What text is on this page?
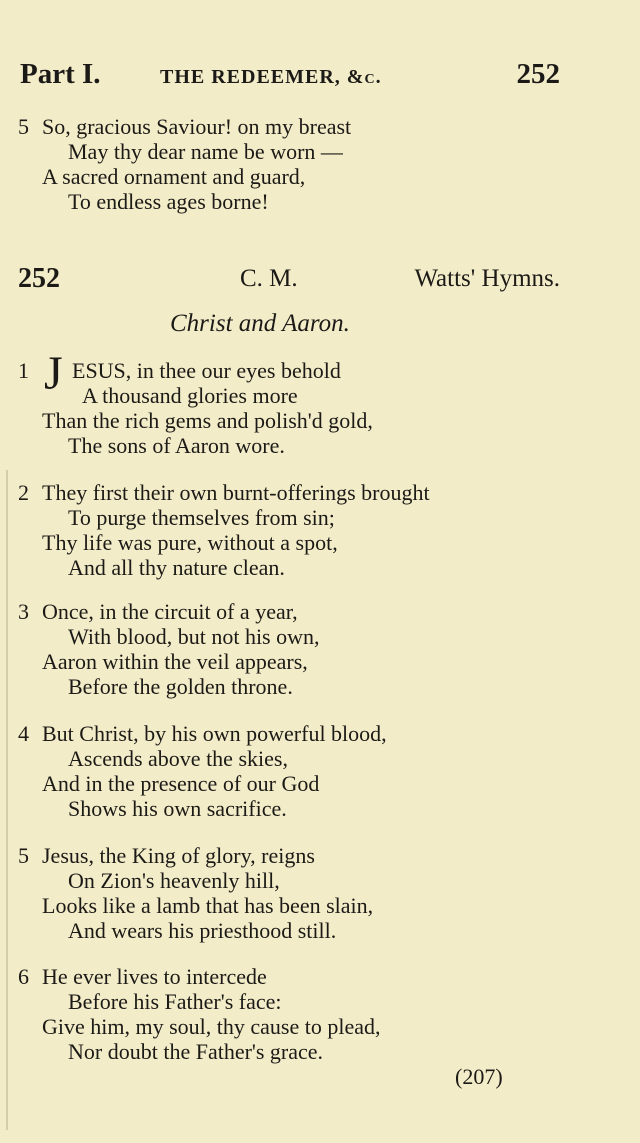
Part I.	THE REDEEMER, &c.	252
5 So, gracious Saviour! on my breast
May thy dear name be worn —
A sacred ornament and guard,
To endless ages borne!
252	C. M.	Watts' Hymns.
Christ and Aaron.
1 J ESUS, in thee our eyes behold
A thousand glories more
Than the rich gems and polish'd gold,
The sons of Aaron wore.
2 They first their own burnt-offerings brought
To purge themselves from sin;
Thy life was pure, without a spot,
And all thy nature clean.
3 Once, in the circuit of a year,
With blood, but not his own,
Aaron within the veil appears,
Before the golden throne.
4 But Christ, by his own powerful blood,
Ascends above the skies,
And in the presence of our God
Shows his own sacrifice.
5 Jesus, the King of glory, reigns
On Zion's heavenly hill,
Looks like a lamb that has been slain,
And wears his priesthood still.
6 He ever lives to intercede
Before his Father's face:
Give him, my soul, thy cause to plead,
Nor doubt the Father's grace.
(207)
